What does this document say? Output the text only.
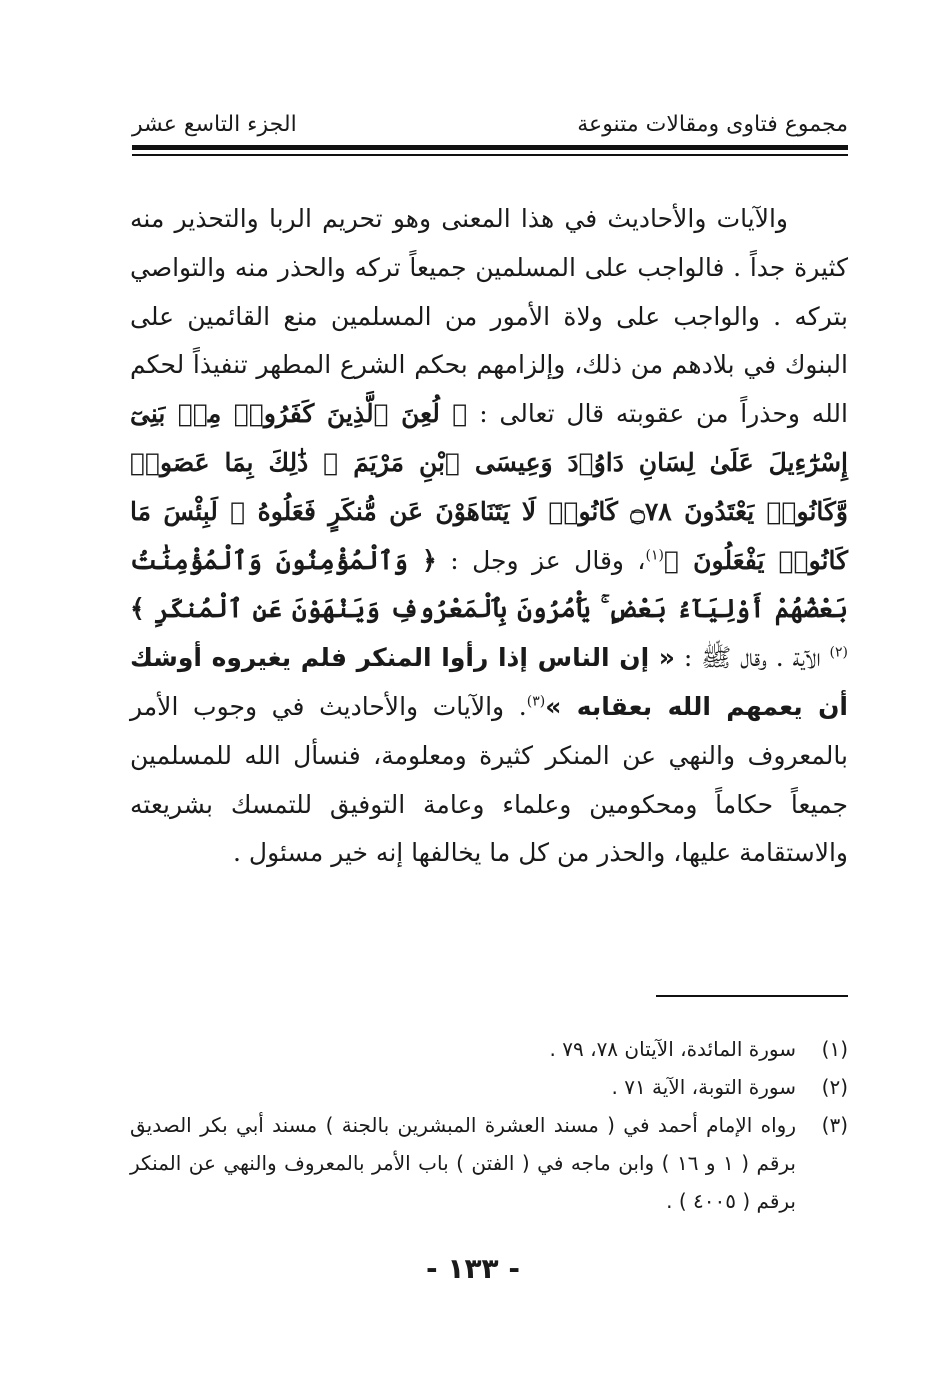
مجموع فتاوى ومقالات متنوعة
الجزء التاسع عشر

والآيات والأحاديث في هذا المعنى وهو تحريم الربا والتحذير منه كثيرة جداً . فالواجب على المسلمين جميعاً تركه والحذر منه والتواصي بتركه . والواجب على ولاة الأمور من المسلمين منع القائمين على البنوك في بلادهم من ذلك، وإلزامهم بحكم الشرع المطهر تنفيذاً لحكم الله وحذراً من عقوبته قال تعالى : ﴿ لُعِنَ ٱلَّذِينَ كَفَرُوا۟ مِنۢ بَنِىٓ إِسْرَٰٓءِيلَ عَلَىٰ لِسَانِ دَاوُۥدَ وَعِيسَى ٱبْنِ مَرْيَمَ ۚ ذَٰلِكَ بِمَا عَصَوا۟ وَّكَانُوا۟ يَعْتَدُونَ ۝٧٨ كَانُوا۟ لَا يَتَنَاهَوْنَ عَن مُّنكَرٍ فَعَلُوهُ ۚ لَبِئْسَ مَا كَانُوا۟ يَفْعَلُونَ ﴾$^{(١)}$، وقال عز وجل : ﴿ وَٱلْمُؤْمِنُونَ وَٱلْمُؤْمِنَٰتُ بَعْضُهُمْ أَوْلِيَآءُ بَعْضٍ ۚ يَأْمُرُونَ بِٱلْمَعْرُوفِ وَيَنْهَوْنَ عَنِ ٱلْمُنكَرِ ﴾$^{(٢)}$ الآية . وقال ﷺ : « إن الناس إذا رأوا المنكر فلم يغيروه أوشك أن يعمهم الله بعقابه »$^{(٣)}$. والآيات والأحاديث في وجوب الأمر بالمعروف والنهي عن المنكر كثيرة ومعلومة، فنسأل الله للمسلمين جميعاً حكاماً ومحكومين وعلماء وعامة التوفيق للتمسك بشريعته والاستقامة عليها، والحذر من كل ما يخالفها إنه خير مسئول .

(١)
سورة المائدة، الآيتان ٧٨، ٧٩ .
(٢)
سورة التوبة، الآية ٧١ .
(٣)
رواه الإمام أحمد في ( مسند العشرة المبشرين بالجنة ) مسند أبي بكر الصديق برقم ( ١ و ١٦ ) وابن ماجه في ( الفتن ) باب الأمر بالمعروف والنهي عن المنكر برقم ( ٤٠٠٥ ) .
- ١٣٣ -
